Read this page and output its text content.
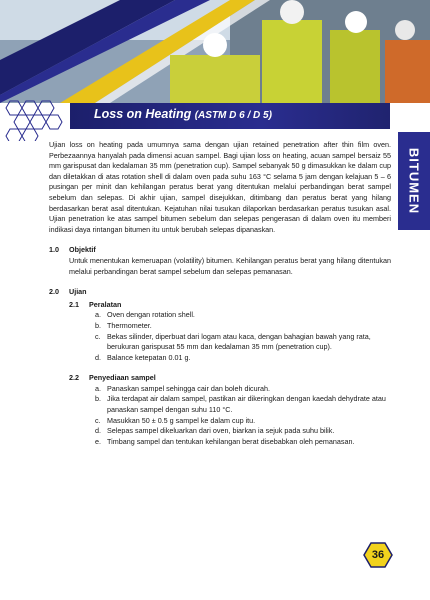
Loss on Heating (ASTM D 6 / D 5)
BITUMEN

Ujian loss on heating pada umumnya sama dengan ujian retained penetration after thin film oven. Perbezaannya hanyalah pada dimensi acuan sampel. Bagi ujian loss on heating, acuan sampel bersaiz 55 mm garispusat dan kedalaman 35 mm (penetration cup). Sampel sebanyak 50 g dimasukkan ke dalam cup dan diletakkan di atas rotation shell di dalam oven pada suhu 163 °C selama 5 jam dengan kelajuan 5 – 6 pusingan per minit dan kehilangan peratus berat yang ditentukan melalui perbandingan berat sampel sebelum dan selepas. Di akhir ujian, sampel disejukkan, ditimbang dan peratus berat yang hilang berdasarkan berat asal ditentukan. Kejatuhan nilai tusukan dilaporkan berdasarkan peratus tusukan asal. Ujian penetration ke atas sampel bitumen sebelum dan selepas pengerasan di dalam oven itu memberi indikasi daya rintangan bitumen itu untuk berubah selepas dipanaskan.

1.0	Objektif
Untuk menentukan kemeruapan (volatility) bitumen. Kehilangan peratus berat yang hilang ditentukan melalui perbandingan berat sampel sebelum dan selepas pemanasan.
2.0	Ujian
2.1	Peralatan
a. Oven dengan rotation shell.
b. Thermometer.
c. Bekas silinder, diperbuat dari logam atau kaca, dengan bahagian bawah yang rata, berukuran garispusat 55 mm dan kedalaman 35 mm (penetration cup).
d. Balance ketepatan 0.01 g.
2.2	Penyediaan sampel
a. Panaskan sampel sehingga cair dan boleh dicurah.
b. Jika terdapat air dalam sampel, pastikan air dikeringkan dengan kaedah dehydrate atau panaskan sampel dengan suhu 110 °C.
c. Masukkan 50 ± 0.5 g sampel ke dalam cup itu.
d. Selepas sampel dikeluarkan dari oven, biarkan ia sejuk pada suhu bilik.
e. Timbang sampel dan tentukan kehilangan berat disebabkan oleh pemanasan.
36
